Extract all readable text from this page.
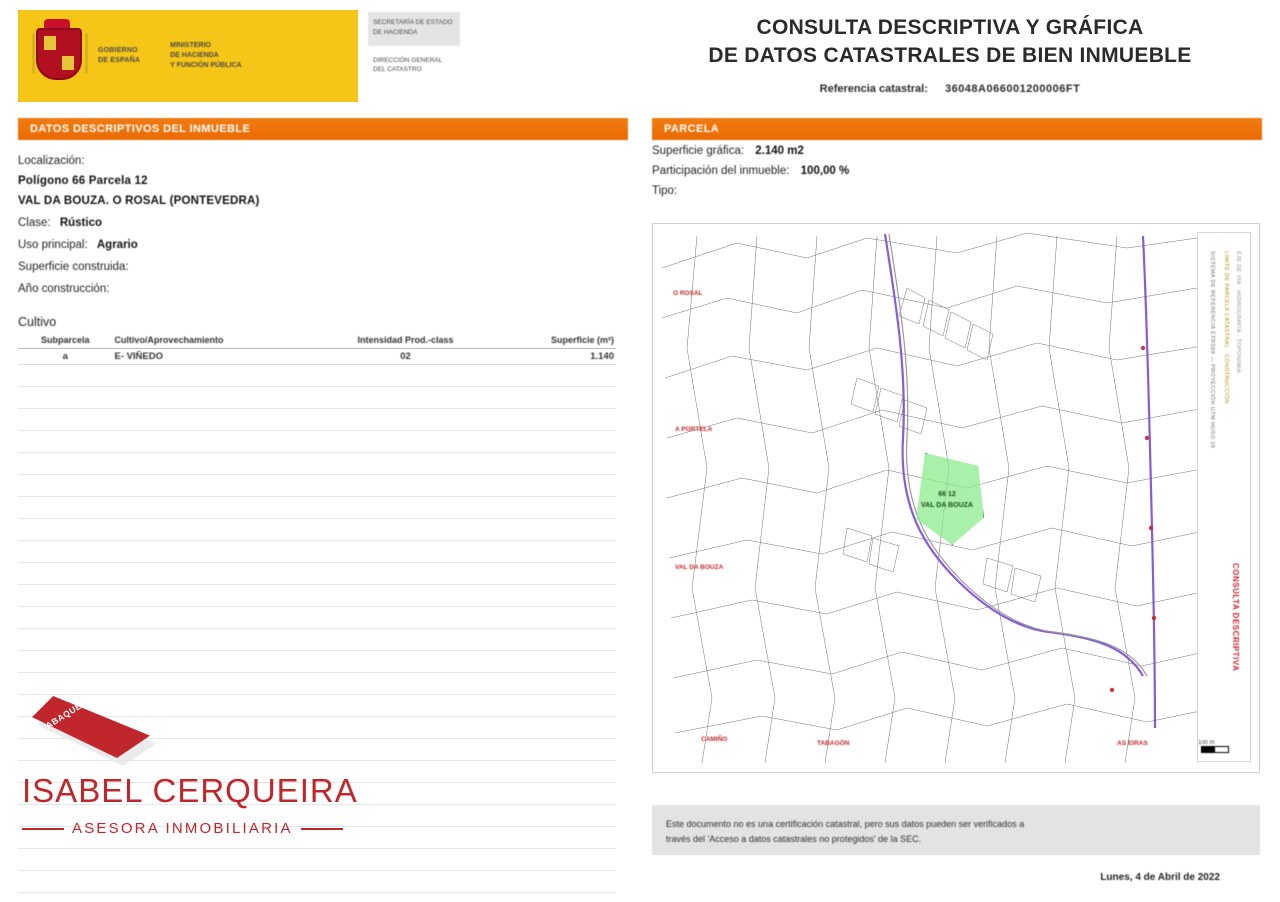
GOBIERNO
DE ESPAÑA
MINISTERIO
DE HACIENDA
Y FUNCIÓN PÚBLICA
SECRETARÍA DE ESTADO DE HACIENDA
DIRECCIÓN GENERAL DEL CATASTRO
CONSULTA DESCRIPTIVA Y GRÁFICA
DE DATOS CATASTRALES DE BIEN INMUEBLE
Referencia catastral: 36048A066001200006FT
DATOS DESCRIPTIVOS DEL INMUEBLE	PARCELA
Localización:
Polígono 66 Parcela 12
VAL DA BOUZA. O ROSAL (PONTEVEDRA)
Clase: Rústico
Uso principal: Agrario
Superficie construida:
Año construcción:
Cultivo
Subparcela	Cultivo/Aprovechamiento	Intensidad Prod.-class	Superficie (m²)
a	E- VIÑEDO	02	1.140

CABAQUEIRA
ISABEL CERQUEIRA
ASESORA INMOBILIARIA
Superficie gráfica: 2.140 m2
Participación del inmueble: 100,00 %
Tipo:
66 12
VAL DA BOUZA
O ROSAL
A PORTELA
VAL DA BOUZA
CAMIÑO
TABAGÓN	AS EIRAS
SISTEMA DE REFERENCIA ETRS89 — PROYECCIÓN UTM HUSO 29	LÍMITE DE PARCELA CATASTRAL · CONSTRUCCIÓN	EJE DE VÍA · HIDROGRAFÍA · TOPONIMIA
CONSULTA DESCRIPTIVA
100 m
Este documento no es una certificación catastral, pero sus datos pueden ser verificados a
través del 'Acceso a datos catastrales no protegidos' de la SEC.
Lunes, 4 de Abril de 2022
